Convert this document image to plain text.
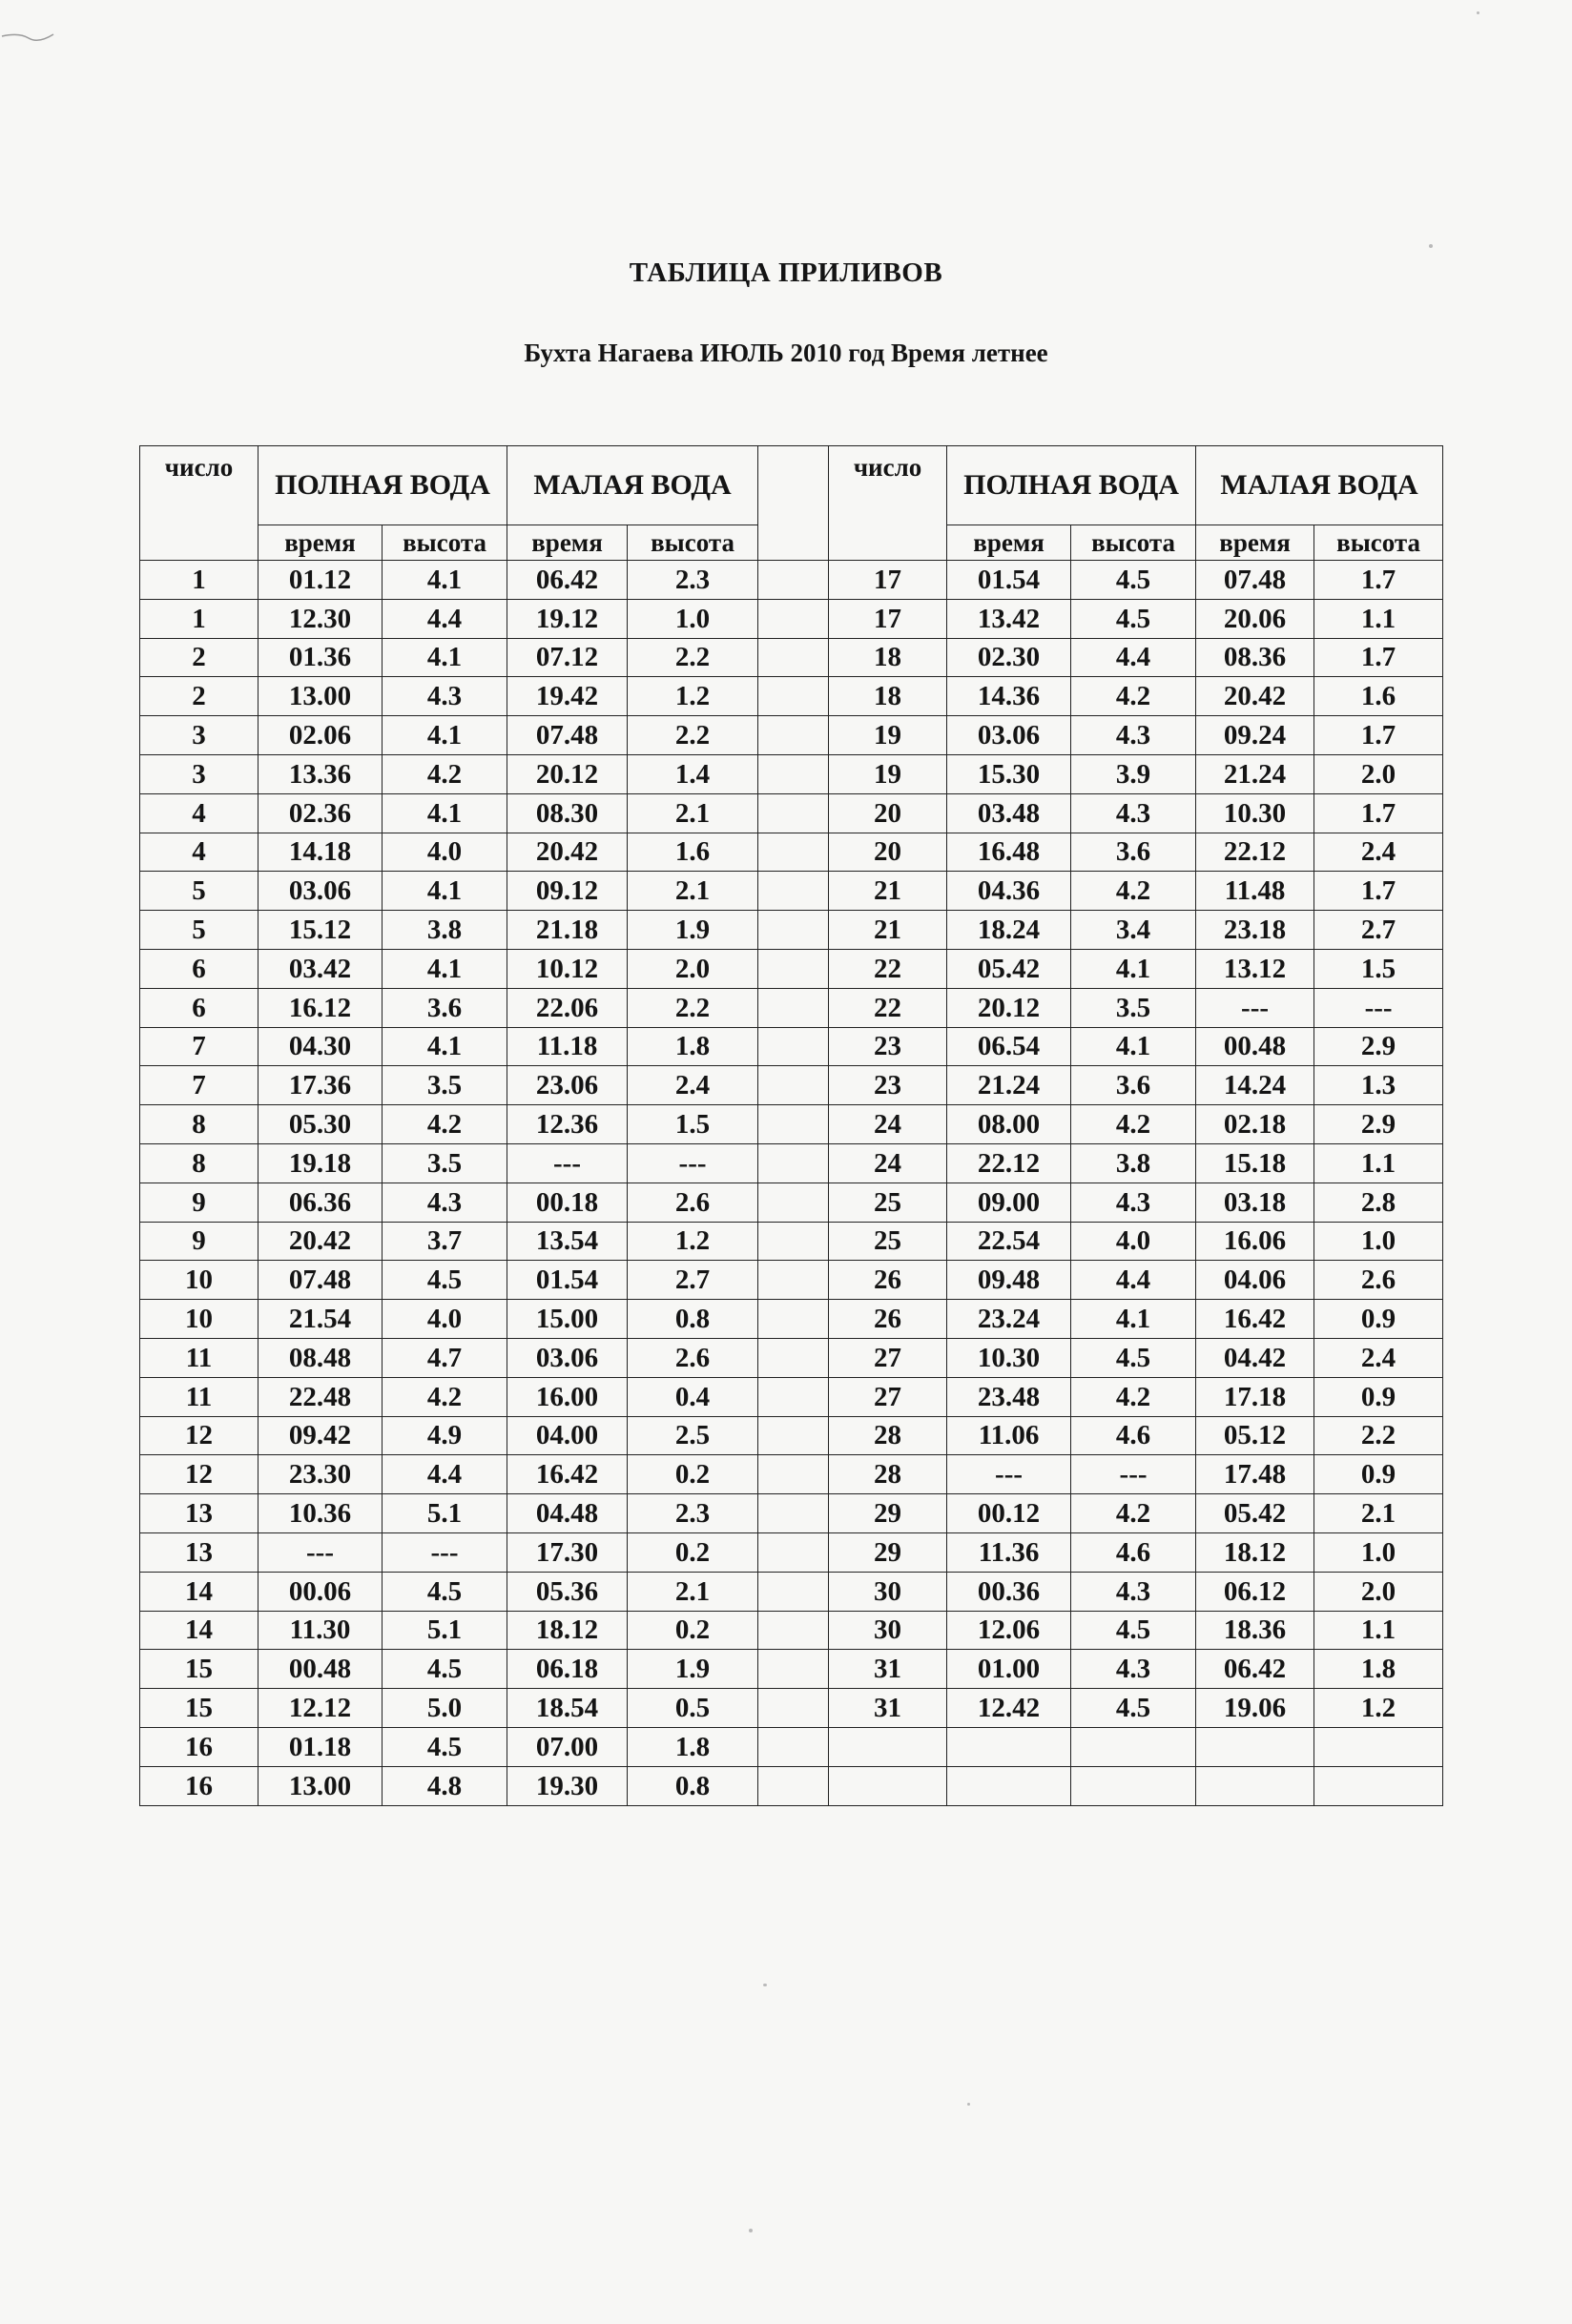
ТАБЛИЦА ПРИЛИВОВ
Бухта Нагаева ИЮЛЬ 2010 год Время летнее
число	ПОЛНАЯ ВОДА		МАЛАЯ ВОДА			число	ПОЛНАЯ ВОДА		МАЛАЯ ВОДА	
	время	высота	время	высота			время	высота	время	высота
1	01.12	4.1	06.42	2.3		17	01.54	4.5	07.48	1.7
1	12.30	4.4	19.12	1.0		17	13.42	4.5	20.06	1.1
2	01.36	4.1	07.12	2.2		18	02.30	4.4	08.36	1.7
2	13.00	4.3	19.42	1.2		18	14.36	4.2	20.42	1.6
3	02.06	4.1	07.48	2.2		19	03.06	4.3	09.24	1.7
3	13.36	4.2	20.12	1.4		19	15.30	3.9	21.24	2.0
4	02.36	4.1	08.30	2.1		20	03.48	4.3	10.30	1.7
4	14.18	4.0	20.42	1.6		20	16.48	3.6	22.12	2.4
5	03.06	4.1	09.12	2.1		21	04.36	4.2	11.48	1.7
5	15.12	3.8	21.18	1.9		21	18.24	3.4	23.18	2.7
6	03.42	4.1	10.12	2.0		22	05.42	4.1	13.12	1.5
6	16.12	3.6	22.06	2.2		22	20.12	3.5	---	---
7	04.30	4.1	11.18	1.8		23	06.54	4.1	00.48	2.9
7	17.36	3.5	23.06	2.4		23	21.24	3.6	14.24	1.3
8	05.30	4.2	12.36	1.5		24	08.00	4.2	02.18	2.9
8	19.18	3.5	---	---		24	22.12	3.8	15.18	1.1
9	06.36	4.3	00.18	2.6		25	09.00	4.3	03.18	2.8
9	20.42	3.7	13.54	1.2		25	22.54	4.0	16.06	1.0
10	07.48	4.5	01.54	2.7		26	09.48	4.4	04.06	2.6
10	21.54	4.0	15.00	0.8		26	23.24	4.1	16.42	0.9
11	08.48	4.7	03.06	2.6		27	10.30	4.5	04.42	2.4
11	22.48	4.2	16.00	0.4		27	23.48	4.2	17.18	0.9
12	09.42	4.9	04.00	2.5		28	11.06	4.6	05.12	2.2
12	23.30	4.4	16.42	0.2		28	---	---	17.48	0.9
13	10.36	5.1	04.48	2.3		29	00.12	4.2	05.42	2.1
13	---	---	17.30	0.2		29	11.36	4.6	18.12	1.0
14	00.06	4.5	05.36	2.1		30	00.36	4.3	06.12	2.0
14	11.30	5.1	18.12	0.2		30	12.06	4.5	18.36	1.1
15	00.48	4.5	06.18	1.9		31	01.00	4.3	06.42	1.8
15	12.12	5.0	18.54	0.5		31	12.42	4.5	19.06	1.2
16	01.18	4.5	07.00	1.8						
16	13.00	4.8	19.30	0.8						
